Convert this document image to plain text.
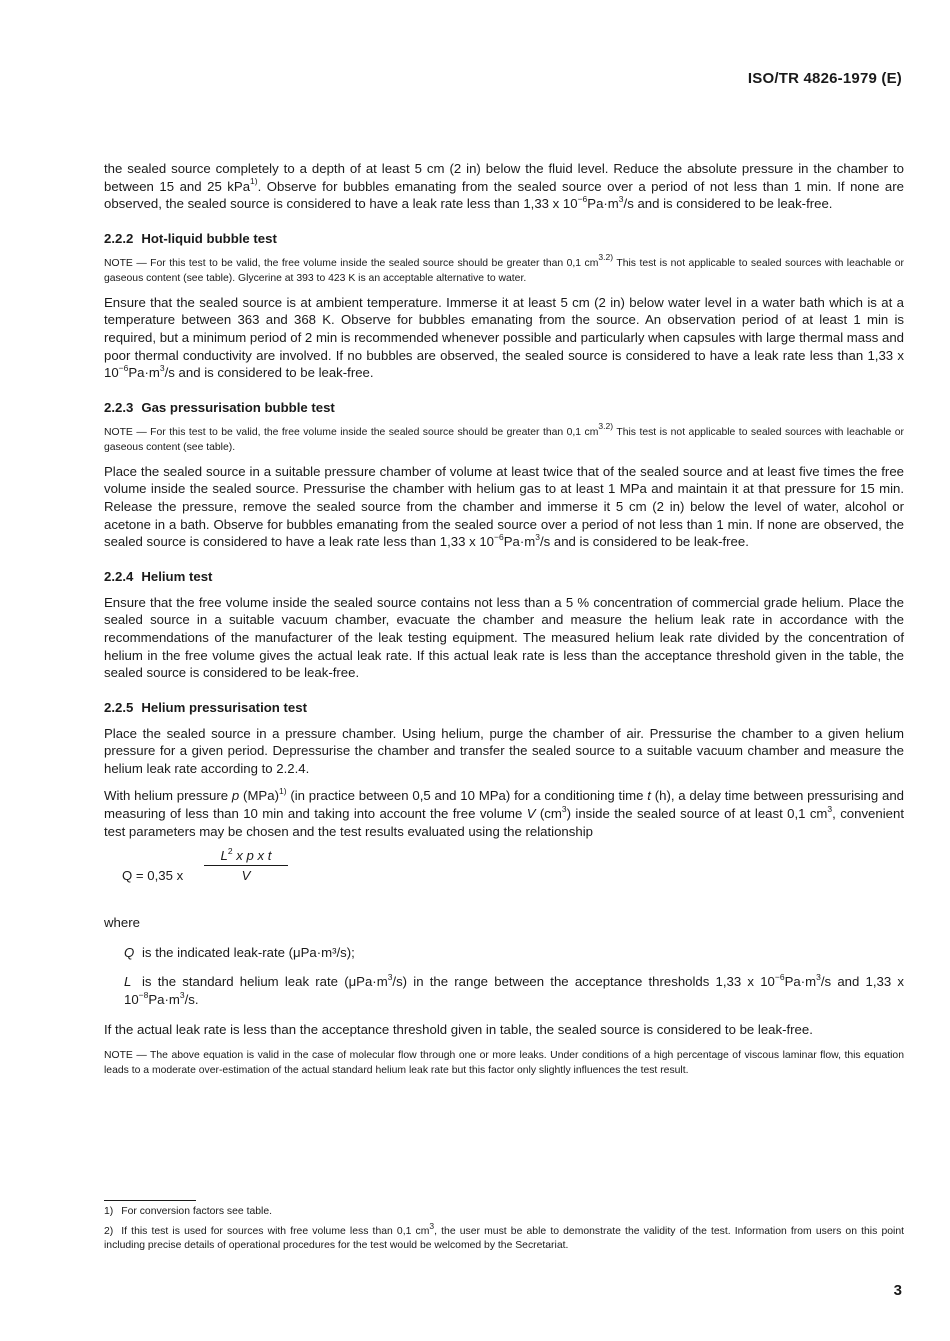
ISO/TR 4826-1979 (E)

the sealed source completely to a depth of at least 5 cm (2 in) below the fluid level. Reduce the absolute pressure in the chamber to between 15 and 25 kPa$^{1)}$. Observe for bubbles emanating from the sealed source over a period of not less than 1 min. If none are observed, the sealed source is considered to have a leak rate less than 1,33 x $10^{-6}Pa\cdot m^3/s$ and is considered to be leak-free.

2.2.2 Hot-liquid bubble test

NOTE — For this test to be valid, the free volume inside the sealed source should be greater than 0,1 $cm^{3.2)}$ This test is not applicable to sealed sources with leachable or gaseous content (see table). Glycerine at 393 to 423 K is an acceptable alternative to water.

Ensure that the sealed source is at ambient temperature. Immerse it at least 5 cm (2 in) below water level in a water bath which is at a temperature between 363 and 368 K. Observe for bubbles emanating from the source. An observation period of at least 1 min is required, but a minimum period of 2 min is recommended whenever possible and particularly when capsules with large thermal mass and poor thermal conductivity are involved. If no bubbles are observed, the sealed source is considered to have a leak rate less than 1,33 x $10^{-6}Pa\cdot m^3/s$ and is considered to be leak-free.

2.2.3 Gas pressurisation bubble test

NOTE — For this test to be valid, the free volume inside the sealed source should be greater than 0,1 $cm^{3.2)}$ This test is not applicable to sealed sources with leachable or gaseous content (see table).

Place the sealed source in a suitable pressure chamber of volume at least twice that of the sealed source and at least five times the free volume inside the sealed source. Pressurise the chamber with helium gas to at least 1 MPa and maintain it at that pressure for 15 min. Release the pressure, remove the sealed source from the chamber and immerse it 5 cm (2 in) below the level of water, alcohol or acetone in a bath. Observe for bubbles emanating from the sealed source over a period of not less than 1 min. If none are observed, the sealed source is considered to have a leak rate less than 1,33 x $10^{-6}Pa\cdot m^3/s$ and is considered to be leak-free.

2.2.4 Helium test

Ensure that the free volume inside the sealed source contains not less than a 5 % concentration of commercial grade helium. Place the sealed source in a suitable vacuum chamber, evacuate the chamber and measure the helium leak rate in accordance with the recommendations of the manufacturer of the leak testing equipment. The measured helium leak rate divided by the concentration of helium in the free volume gives the actual leak rate. If this actual leak rate is less than the acceptance threshold given in the table, the sealed source is considered to be leak-free.

2.2.5 Helium pressurisation test

Place the sealed source in a pressure chamber. Using helium, purge the chamber of air. Pressurise the chamber to a given helium pressure for a given period. Depressurise the chamber and transfer the sealed source to a suitable vacuum chamber and measure the helium leak rate according to 2.2.4.

With helium pressure p (MPa)$^{1)}$ (in practice between 0,5 and 10 MPa) for a conditioning time t (h), a delay time between pressurising and measuring of less than 10 min and taking into account the free volume V $(cm^3)$ inside the sealed source of at least 0,1 $cm^3$, convenient test parameters may be chosen and the test results evaluated using the relationship

Q = 0,35 x $\frac{L^2 x p x t}{V}$

where

Q is the indicated leak-rate (μPa·m³/s);

L is the standard helium leak rate $(\mu Pa\cdot m^3/s)$ in the range between the acceptance thresholds 1,33 x $10^{-6}Pa\cdot m^3/s$ and 1,33 x $10^{-8}Pa\cdot m^3/s$.

If the actual leak rate is less than the acceptance threshold given in table, the sealed source is considered to be leak-free.

NOTE — The above equation is valid in the case of molecular flow through one or more leaks. Under conditions of a high percentage of viscous laminar flow, this equation leads to a moderate over-estimation of the actual standard helium leak rate but this factor only slightly influences the test result.

1) For conversion factors see table.

2) If this test is used for sources with free volume less than 0,1 $cm^3$, the user must be able to demonstrate the validity of the test. Information from users on this point including precise details of operational procedures for the test would be welcomed by the Secretariat.

3
